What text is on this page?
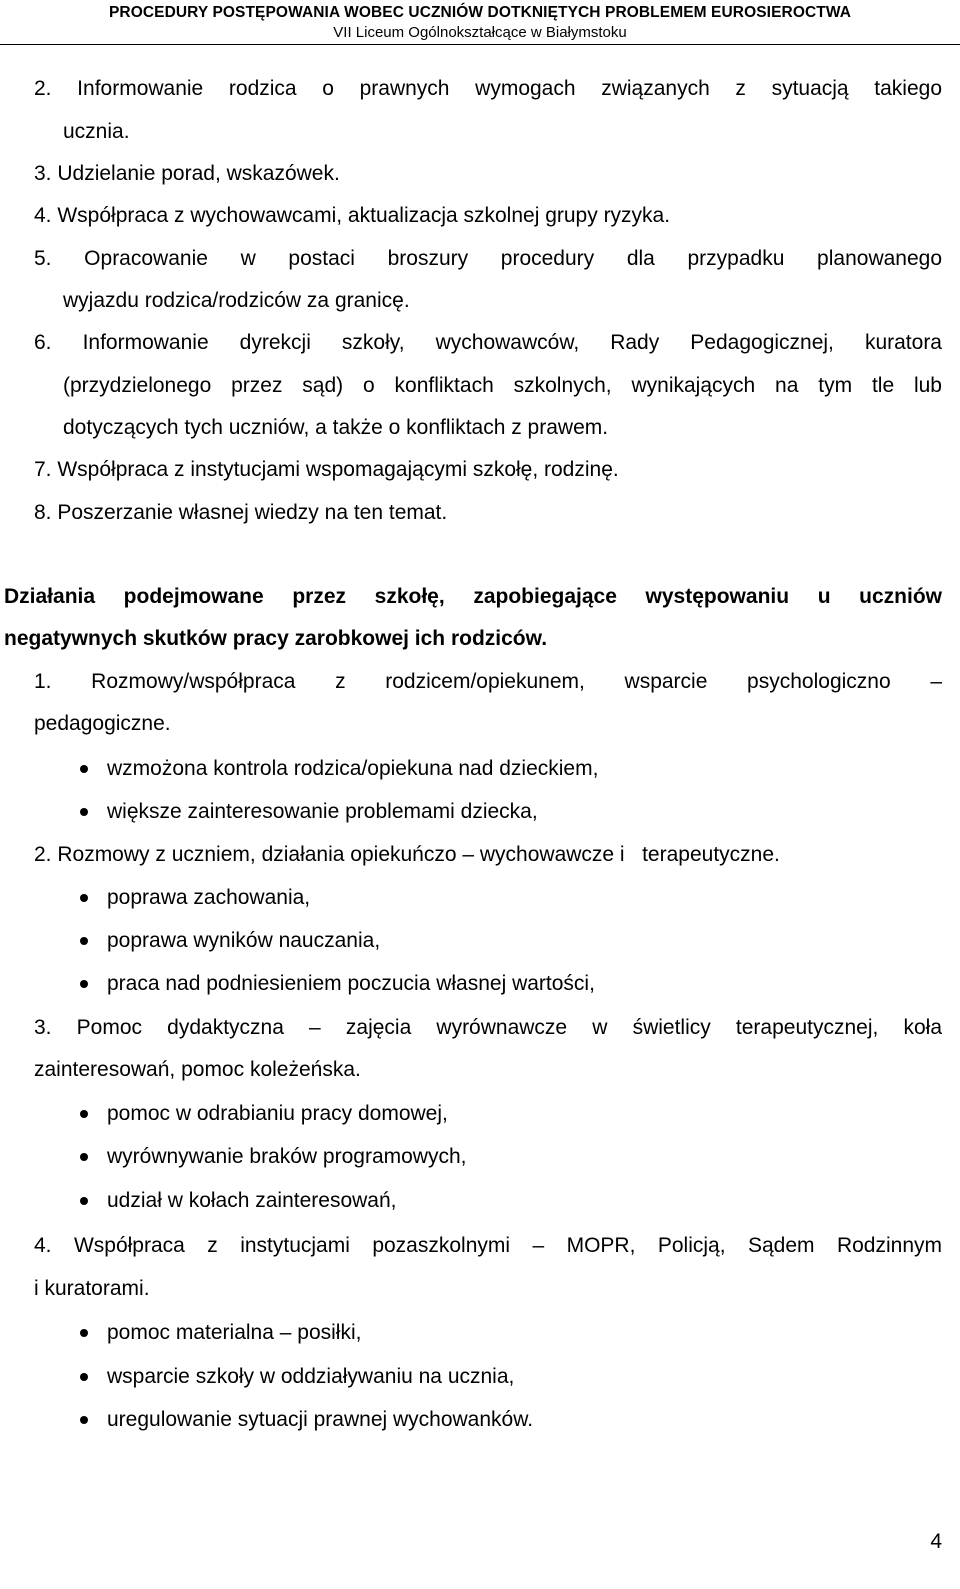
PROCEDURY POSTĘPOWANIA WOBEC UCZNIÓW DOTKNIĘTYCH PROBLEMEM EUROSIEROCTWA
VII Liceum Ogólnokształcące w Białymstoku
2. Informowanie rodzica o prawnych wymogach związanych z sytuacją takiego
ucznia.
3. Udzielanie porad, wskazówek.
4. Współpraca z wychowawcami, aktualizacja szkolnej grupy ryzyka.
5. Opracowanie w postaci broszury procedury dla przypadku planowanego
wyjazdu rodzica/rodziców za granicę.
6. Informowanie dyrekcji szkoły, wychowawców, Rady Pedagogicznej, kuratora
(przydzielonego przez sąd) o konfliktach szkolnych, wynikających na tym tle lub
dotyczących tych uczniów, a także o konfliktach z prawem.
7. Współpraca z instytucjami wspomagającymi szkołę, rodzinę.
8. Poszerzanie własnej wiedzy na ten temat.
Działania podejmowane przez szkołę, zapobiegające występowaniu u uczniów
negatywnych skutków pracy zarobkowej ich rodziców.
1. Rozmowy/współpraca z rodzicem/opiekunem, wsparcie psychologiczno –
pedagogiczne.
wzmożona kontrola rodzica/opiekuna nad dzieckiem,
większe zainteresowanie problemami dziecka,
2. Rozmowy z uczniem, działania opiekuńczo – wychowawcze i   terapeutyczne.
poprawa zachowania,
poprawa wyników nauczania,
praca nad podniesieniem poczucia własnej wartości,
3. Pomoc dydaktyczna – zajęcia wyrównawcze w świetlicy terapeutycznej, koła
zainteresowań, pomoc koleżeńska.
pomoc w odrabianiu pracy domowej,
wyrównywanie braków programowych,
udział w kołach zainteresowań,
4. Współpraca z instytucjami pozaszkolnymi – MOPR, Policją, Sądem Rodzinnym
i kuratorami.
pomoc materialna – posiłki,
wsparcie szkoły w oddziaływaniu na ucznia,
uregulowanie sytuacji prawnej wychowanków.
4
